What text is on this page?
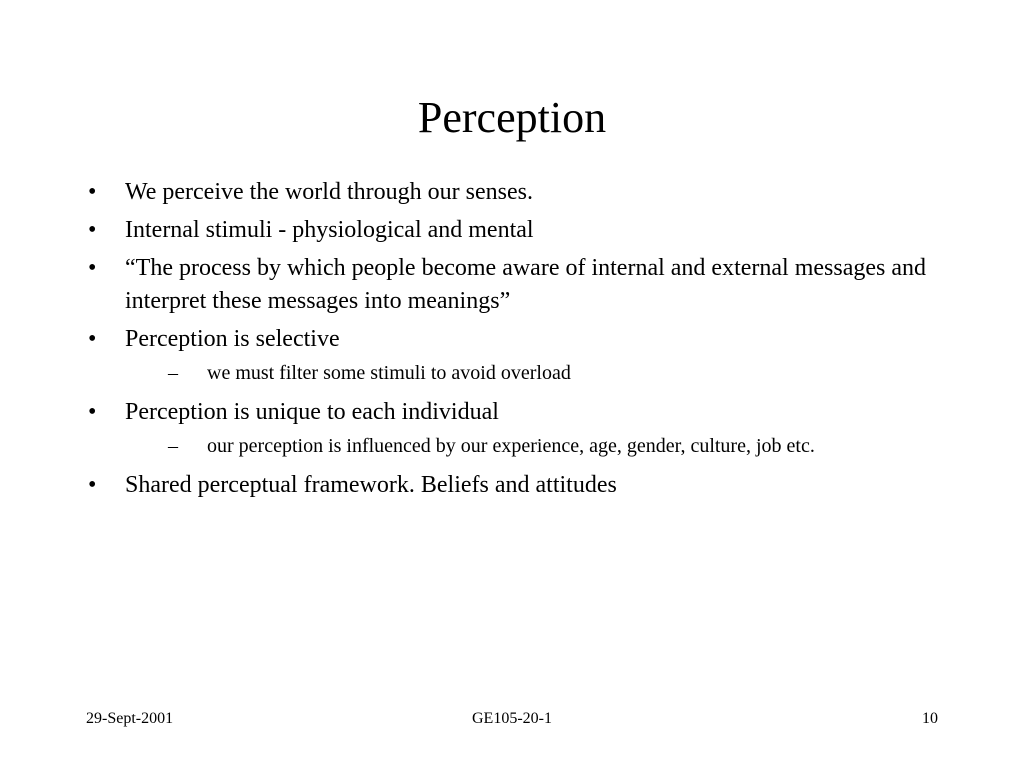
Perception
• We perceive the world through our senses.
• Internal stimuli - physiological and mental
• “The process by which people become aware of internal and external messages and interpret these messages into meanings”
• Perception is selective
– we must filter some stimuli to avoid overload
• Perception is unique to each individual
– our perception is influenced by our experience, age, gender, culture, job etc.
• Shared perceptual framework. Beliefs and attitudes
29-Sept-2001	GE105-20-1	10
